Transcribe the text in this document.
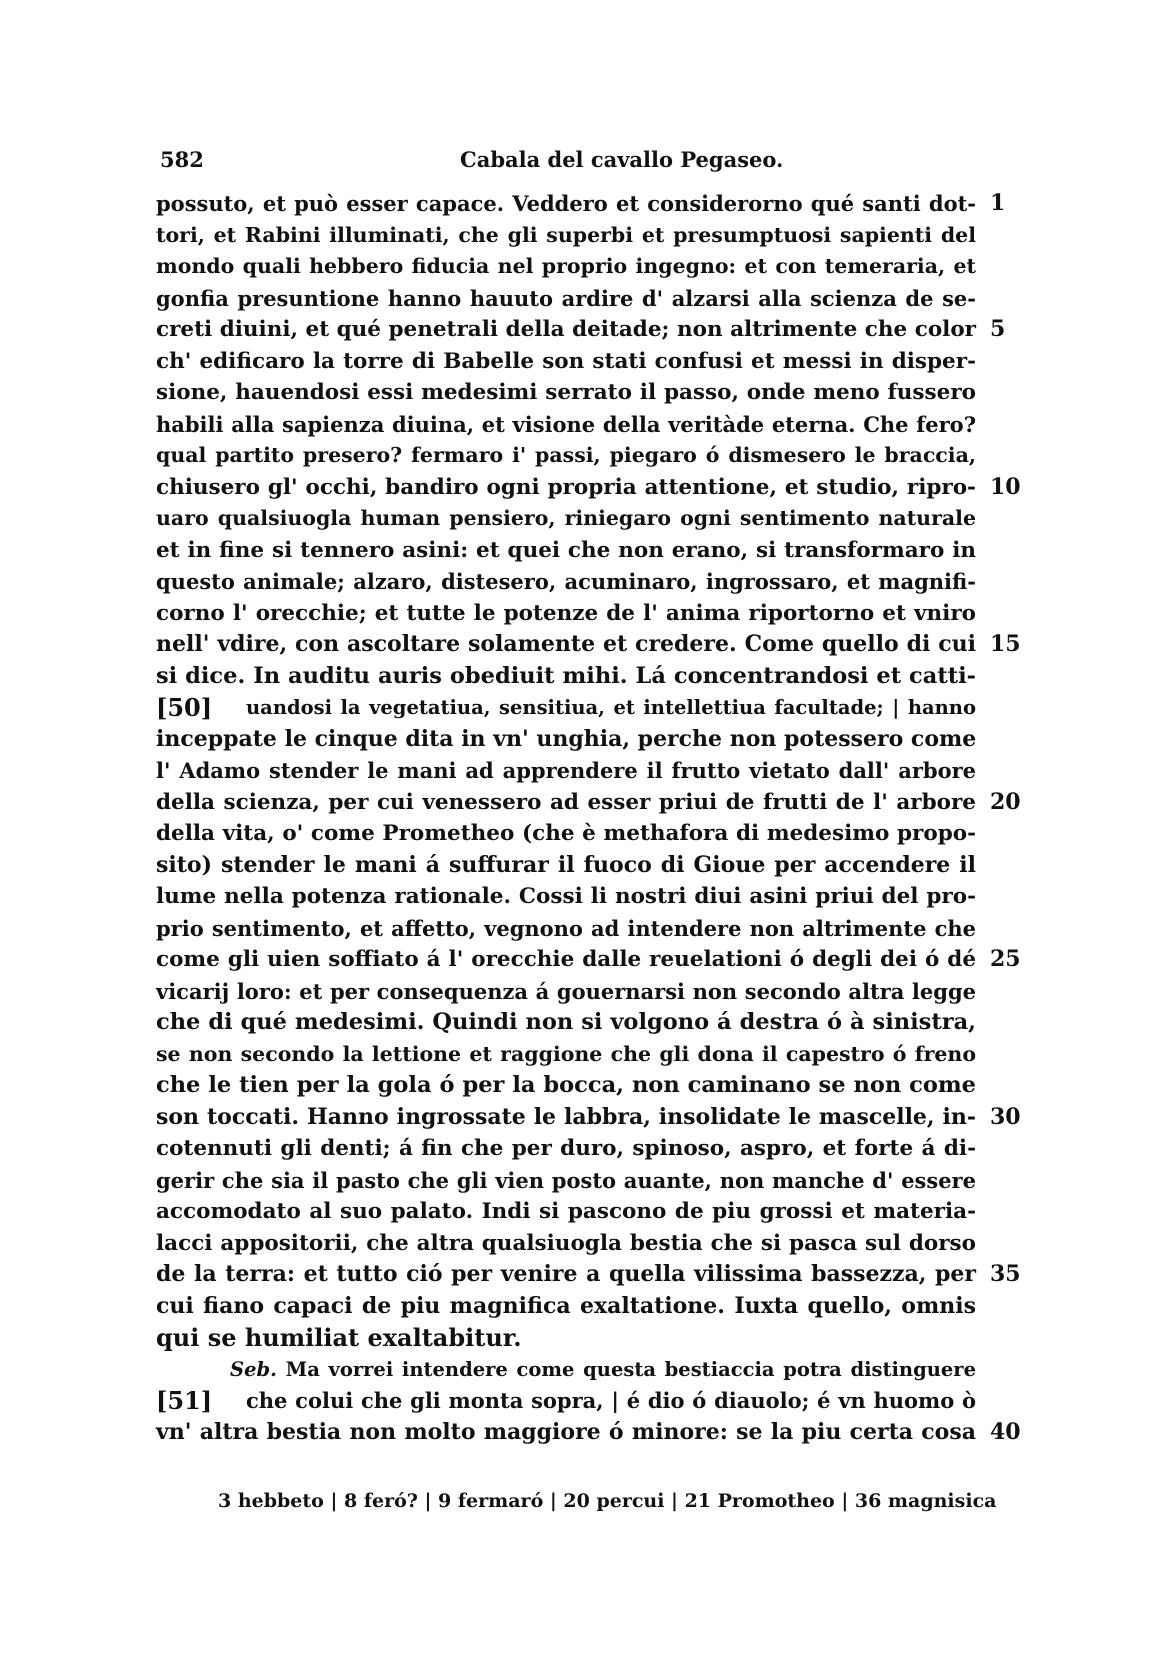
582	Cabala del cavallo Pegaseo.
possuto, et può esser capace. Veddero et considerorno qué santi dot- 1
tori, et Rabini illuminati, che gli superbi et presumptuosi sapienti del
mondo quali hebbero fiducia nel proprio ingegno: et con temeraria, et
gonfia presuntione hanno hauuto ardire d' alzarsi alla scienza de se-
creti diuini, et qué penetrali della deitade; non altrimente che color 5
ch' edificaro la torre di Babelle son stati confusi et messi in disper-
sione, hauendosi essi medesimi serrato il passo, onde meno fussero
habili alla sapienza diuina, et visione della veritàde eterna. Che fero?
qual partito presero? fermaro i' passi, piegaro ó dismesero le braccia,
chiusero gl' occhi, bandiro ogni propria attentione, et studio, ripro- 10
uaro qualsiuogla human pensiero, riniegaro ogni sentimento naturale
et in fine si tennero asini: et quei che non erano, si transformaro in
questo animale; alzaro, distesero, acuminaro, ingrossaro, et magnifi-
corno l' orecchie; et tutte le potenze de l' anima riportorno et vniro
nell' vdire, con ascoltare solamente et credere. Come quello di cui 15
si dice. In auditu auris obediuit mihi. Lá concentrandosi et catti-
[50] uandosi la vegetatiua, sensitiua, et intellettiua facultade; | hanno
inceppate le cinque dita in vn' unghia, perche non potessero come
l' Adamo stender le mani ad apprendere il frutto vietato dall' arbore
della scienza, per cui venessero ad esser priui de frutti de l' arbore 20
della vita, o' come Prometheo (che è methafora di medesimo propo-
sito) stender le mani á suffurar il fuoco di Gioue per accendere il
lume nella potenza rationale. Cossi li nostri diui asini priui del pro-
prio sentimento, et affetto, vegnono ad intendere non altrimente che
come gli uien soffiato á l' orecchie dalle reuelationi ó degli dei ó dé 25
vicarij loro: et per consequenza á gouernarsi non secondo altra legge
che di qué medesimi. Quindi non si volgono á destra ó à sinistra,
se non secondo la lettione et raggione che gli dona il capestro ó freno
che le tien per la gola ó per la bocca, non caminano se non come
son toccati. Hanno ingrossate le labbra, insolidate le mascelle, in- 30
cotennuti gli denti; á fin che per duro, spinoso, aspro, et forte á di-
gerir che sia il pasto che gli vien posto auante, non manche d' essere
accomodato al suo palato. Indi si pascono de piu grossi et materia-
lacci appositorii, che altra qualsiuogla bestia che si pasca sul dorso
de la terra: et tutto ció per venire a quella vilissima bassezza, per 35
cui fiano capaci de piu magnifica exaltatione. Iuxta quello, omnis
qui se humiliat exaltabitur.
Seb. Ma vorrei intendere come questa bestiaccia potra distinguere
[51] che colui che gli monta sopra, | é dio ó diauolo; é vn huomo ò
vn' altra bestia non molto maggiore ó minore: se la piu certa cosa 40
3 hebbeto | 8 feró? | 9 fermaró | 20 percui | 21 Promotheo | 36 magnisica
